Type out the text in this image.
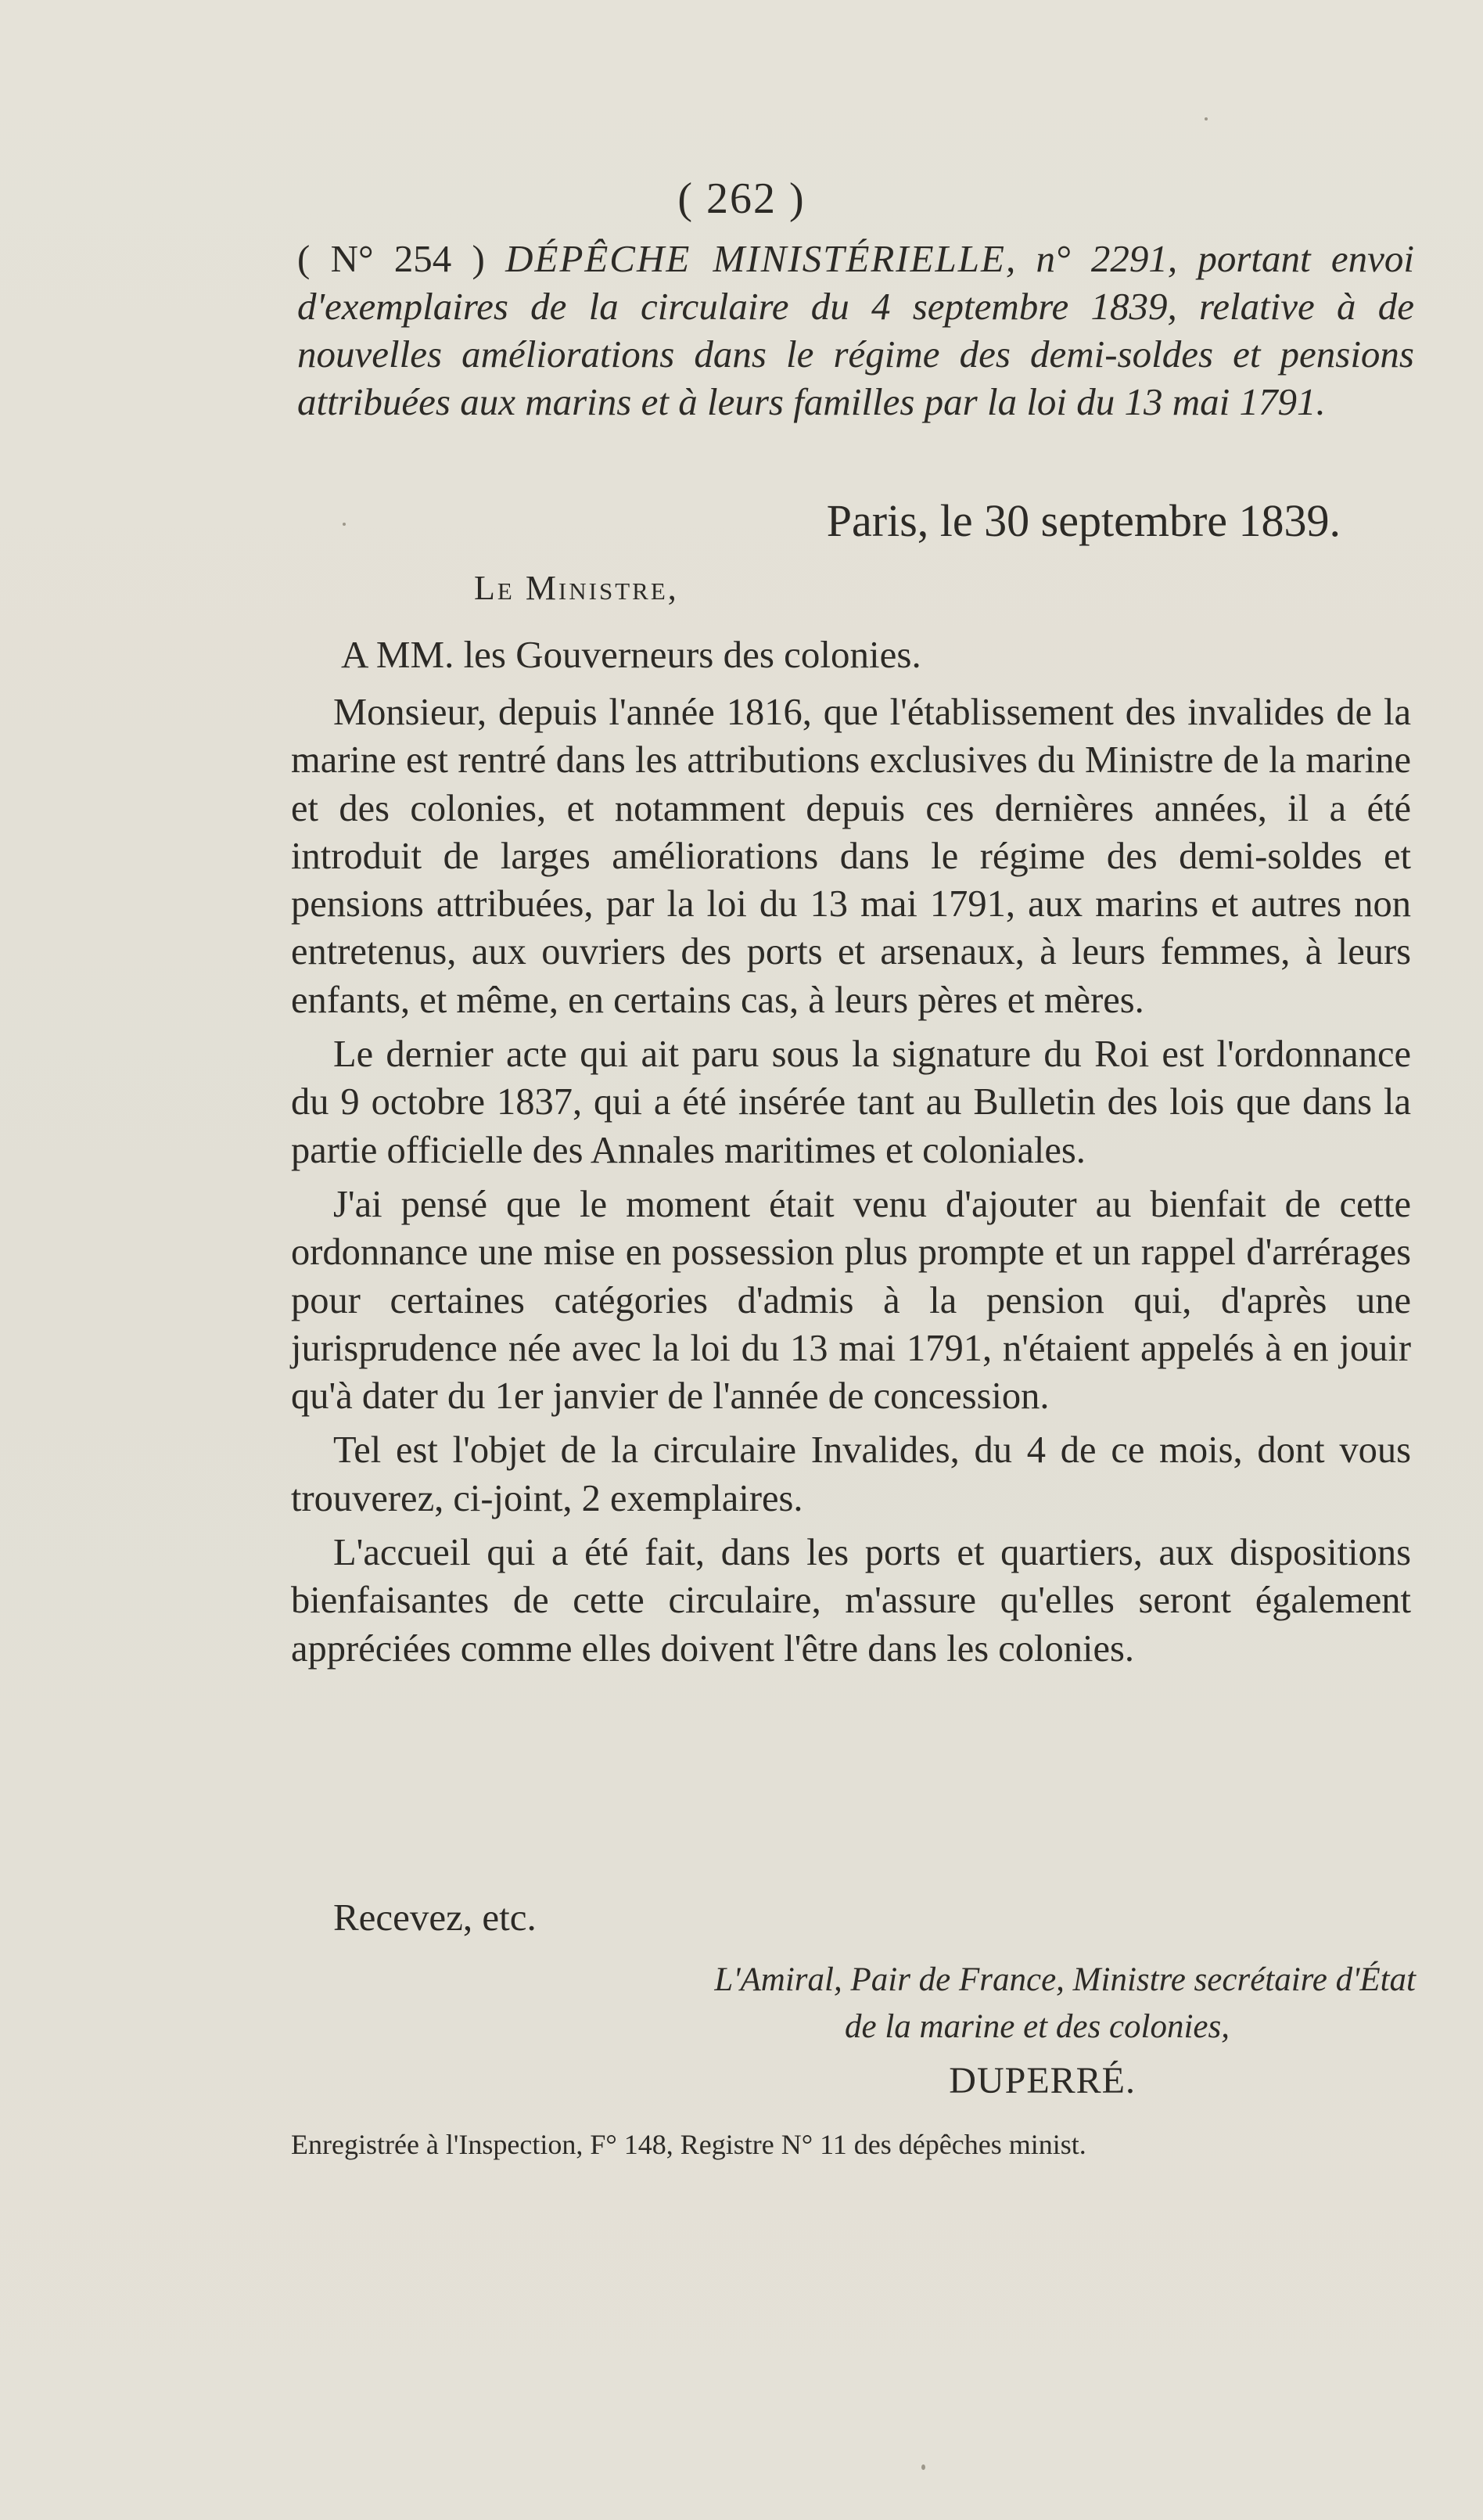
( 262 )
( N° 254 ) DÉPÊCHE MINISTÉRIELLE, n° 2291, portant envoi d'exemplaires de la circulaire du 4 septembre 1839, relative à de nouvelles améliorations dans le régime des demi-soldes et pensions attribuées aux marins et à leurs familles par la loi du 13 mai 1791.
Paris, le 30 septembre 1839.
Le Ministre,
A MM. les Gouverneurs des colonies.

Monsieur, depuis l'année 1816, que l'établissement des invalides de la marine est rentré dans les attributions exclusives du Ministre de la marine et des colonies, et notamment depuis ces dernières années, il a été introduit de larges améliorations dans le régime des demi-soldes et pensions attribuées, par la loi du 13 mai 1791, aux marins et autres non entretenus, aux ouvriers des ports et arsenaux, à leurs femmes, à leurs enfants, et même, en certains cas, à leurs pères et mères.

Le dernier acte qui ait paru sous la signature du Roi est l'ordonnance du 9 octobre 1837, qui a été insérée tant au Bulletin des lois que dans la partie officielle des Annales maritimes et coloniales.

J'ai pensé que le moment était venu d'ajouter au bienfait de cette ordonnance une mise en possession plus prompte et un rappel d'arrérages pour certaines catégories d'admis à la pension qui, d'après une jurisprudence née avec la loi du 13 mai 1791, n'étaient appelés à en jouir qu'à dater du 1er janvier de l'année de concession.

Tel est l'objet de la circulaire Invalides, du 4 de ce mois, dont vous trouverez, ci-joint, 2 exemplaires.

L'accueil qui a été fait, dans les ports et quartiers, aux dispositions bienfaisantes de cette circulaire, m'assure qu'elles seront également appréciées comme elles doivent l'être dans les colonies.

Recevez, etc.
L'Amiral, Pair de France, Ministre secrétaire d'État
de la marine et des colonies,
DUPERRÉ.
Enregistrée à l'Inspection, F° 148, Registre N° 11 des dépêches minist.
